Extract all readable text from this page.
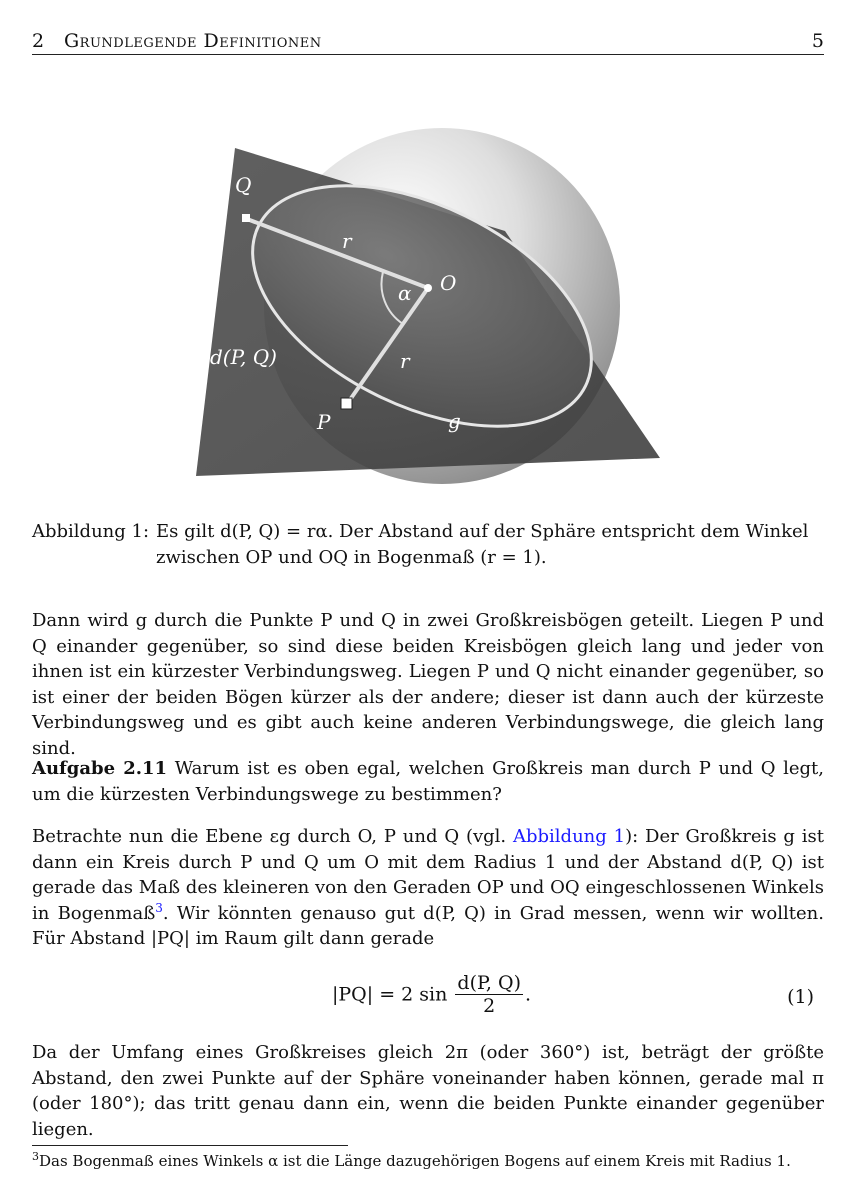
2 Grundlegende Definitionen	5
Q
r
α O
d(P, Q)	r
P	g
Abbildung 1: Es gilt d(P, Q) = rα. Der Abstand auf der Sphäre entspricht dem Winkel zwischen OP und OQ in Bogenmaß (r = 1).
Dann wird g durch die Punkte P und Q in zwei Großkreisbögen geteilt. Liegen P und Q einander gegenüber, so sind diese beiden Kreisbögen gleich lang und jeder von ihnen ist ein kürzester Verbindungsweg. Liegen P und Q nicht einander gegenüber, so ist einer der beiden Bögen kürzer als der andere; dieser ist dann auch der kürzeste Verbindungsweg und es gibt auch keine anderen Verbindungswege, die gleich lang sind.
Aufgabe 2.11 Warum ist es oben egal, welchen Großkreis man durch P und Q legt, um die kürzesten Verbindungswege zu bestimmen?
Betrachte nun die Ebene εg durch O, P und Q (vgl. Abbildung 1): Der Großkreis g ist dann ein Kreis durch P und Q um O mit dem Radius 1 und der Abstand d(P, Q) ist gerade das Maß des kleineren von den Geraden OP und OQ eingeschlossenen Winkels in Bogenmaß$^3$. Wir könnten genauso gut d(P, Q) in Grad messen, wenn wir wollten. Für Abstand |PQ| im Raum gilt dann gerade
|PQ| = 2 $\sin \frac{d(P, Q)}{2}$ .	(1)
Da der Umfang eines Großkreises gleich 2π (oder 360°) ist, beträgt der größte Abstand, den zwei Punkte auf der Sphäre voneinander haben können, gerade mal π (oder 180°); das tritt genau dann ein, wenn die beiden Punkte einander gegenüber liegen.
$^3$Das Bogenmaß eines Winkels α ist die Länge dazugehörigen Bogens auf einem Kreis mit Radius 1.
